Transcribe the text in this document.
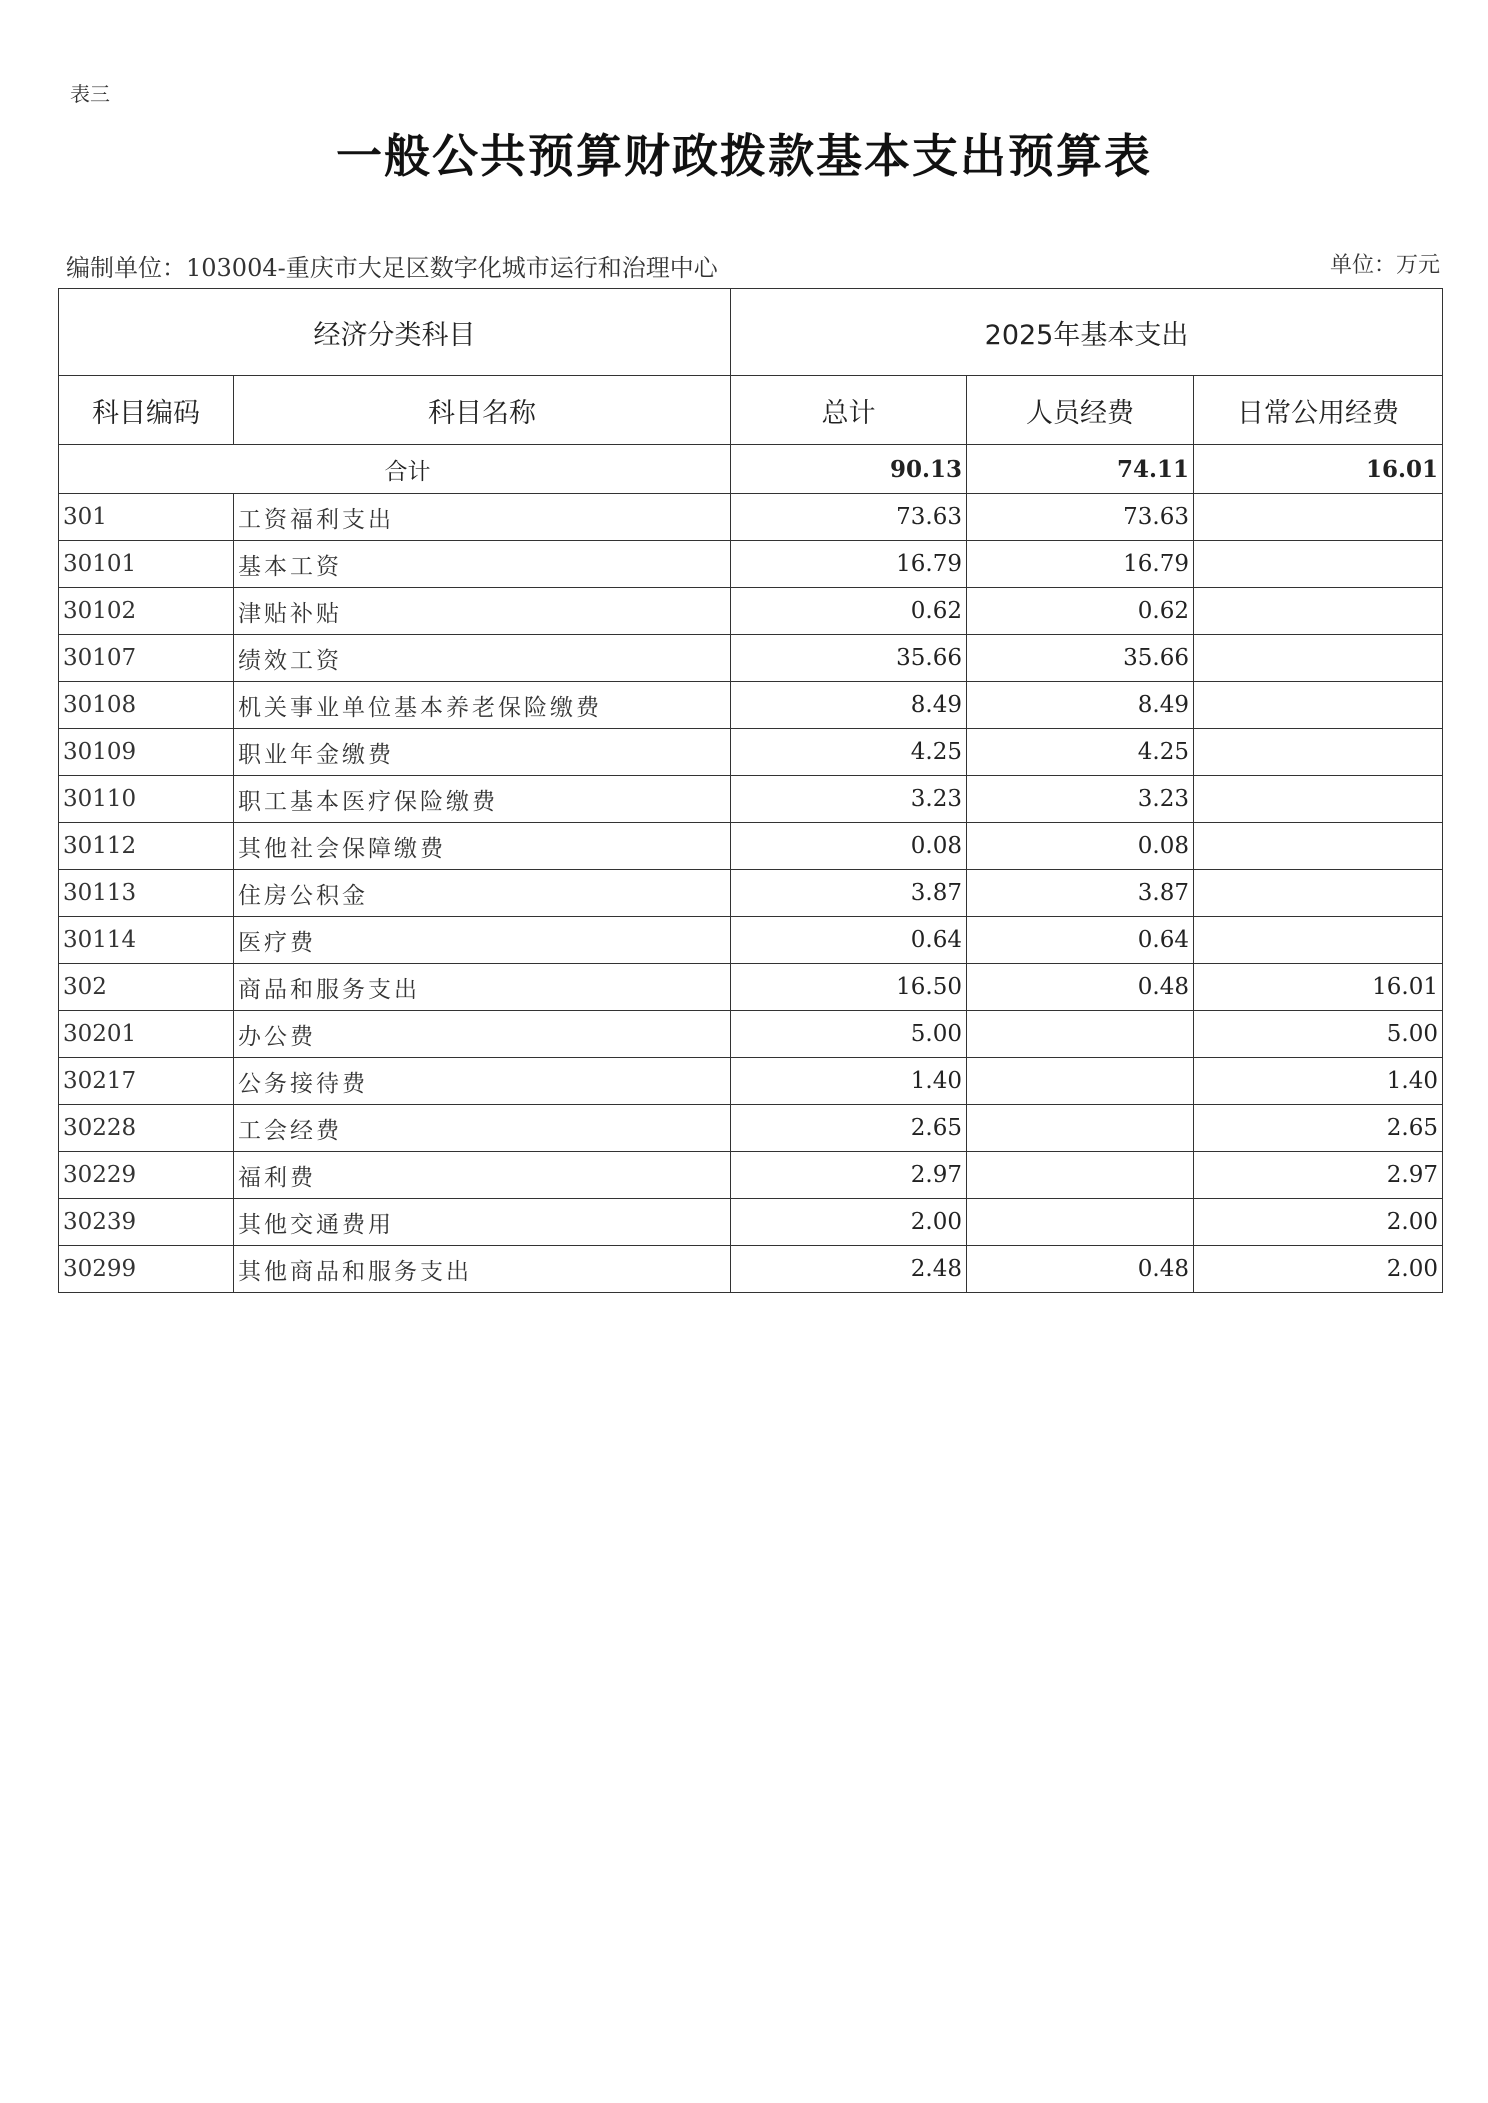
表三
一般公共预算财政拨款基本支出预算表
编制单位：103004-重庆市大足区数字化城市运行和治理中心	单位：万元
经济分类科目		2025年基本支出		
科目编码	科目名称	总计	人员经费	日常公用经费
合计		90.13	74.11	16.01
301	工资福利支出	73.63	73.63	
30101	基本工资	16.79	16.79	
30102	津贴补贴	0.62	0.62	
30107	绩效工资	35.66	35.66	
30108	机关事业单位基本养老保险缴费	8.49	8.49	
30109	职业年金缴费	4.25	4.25	
30110	职工基本医疗保险缴费	3.23	3.23	
30112	其他社会保障缴费	0.08	0.08	
30113	住房公积金	3.87	3.87	
30114	医疗费	0.64	0.64	
302	商品和服务支出	16.50	0.48	16.01
30201	办公费	5.00		5.00
30217	公务接待费	1.40		1.40
30228	工会经费	2.65		2.65
30229	福利费	2.97		2.97
30239	其他交通费用	2.00		2.00
30299	其他商品和服务支出	2.48	0.48	2.00
